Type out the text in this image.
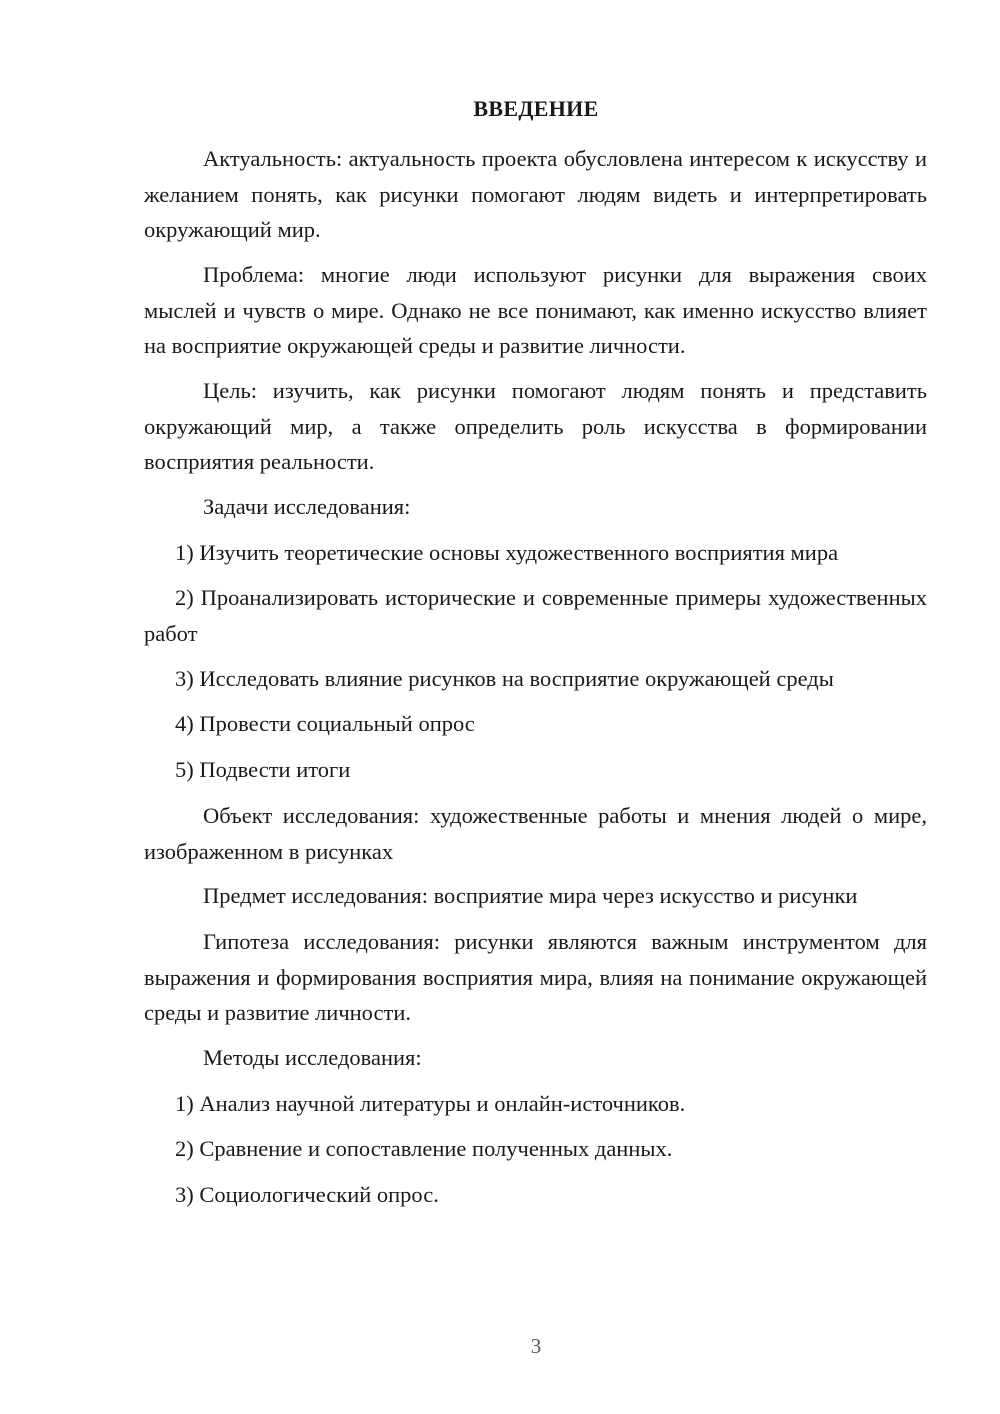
ВВЕДЕНИЕ
Актуальность: актуальность проекта обусловлена интересом к искусству и желанием понять, как рисунки помогают людям видеть и интерпретировать окружающий мир.
Проблема: многие люди используют рисунки для выражения своих мыслей и чувств о мире. Однако не все понимают, как именно искусство влияет на восприятие окружающей среды и развитие личности.
Цель: изучить, как рисунки помогают людям понять и представить окружающий мир, а также определить роль искусства в формировании восприятия реальности.
Задачи исследования:
1) Изучить теоретические основы художественного восприятия мира
2) Проанализировать исторические и современные примеры художественных работ
3) Исследовать влияние рисунков на восприятие окружающей среды
4) Провести социальный опрос
5) Подвести итоги
Объект исследования: художественные работы и мнения людей о мире, изображенном в рисунках
Предмет исследования: восприятие мира через искусство и рисунки
Гипотеза исследования: рисунки являются важным инструментом для выражения и формирования восприятия мира, влияя на понимание окружающей среды и развитие личности.
Методы исследования:
1) Анализ научной литературы и онлайн-источников.
2) Сравнение и сопоставление полученных данных.
3) Социологический опрос.
3
